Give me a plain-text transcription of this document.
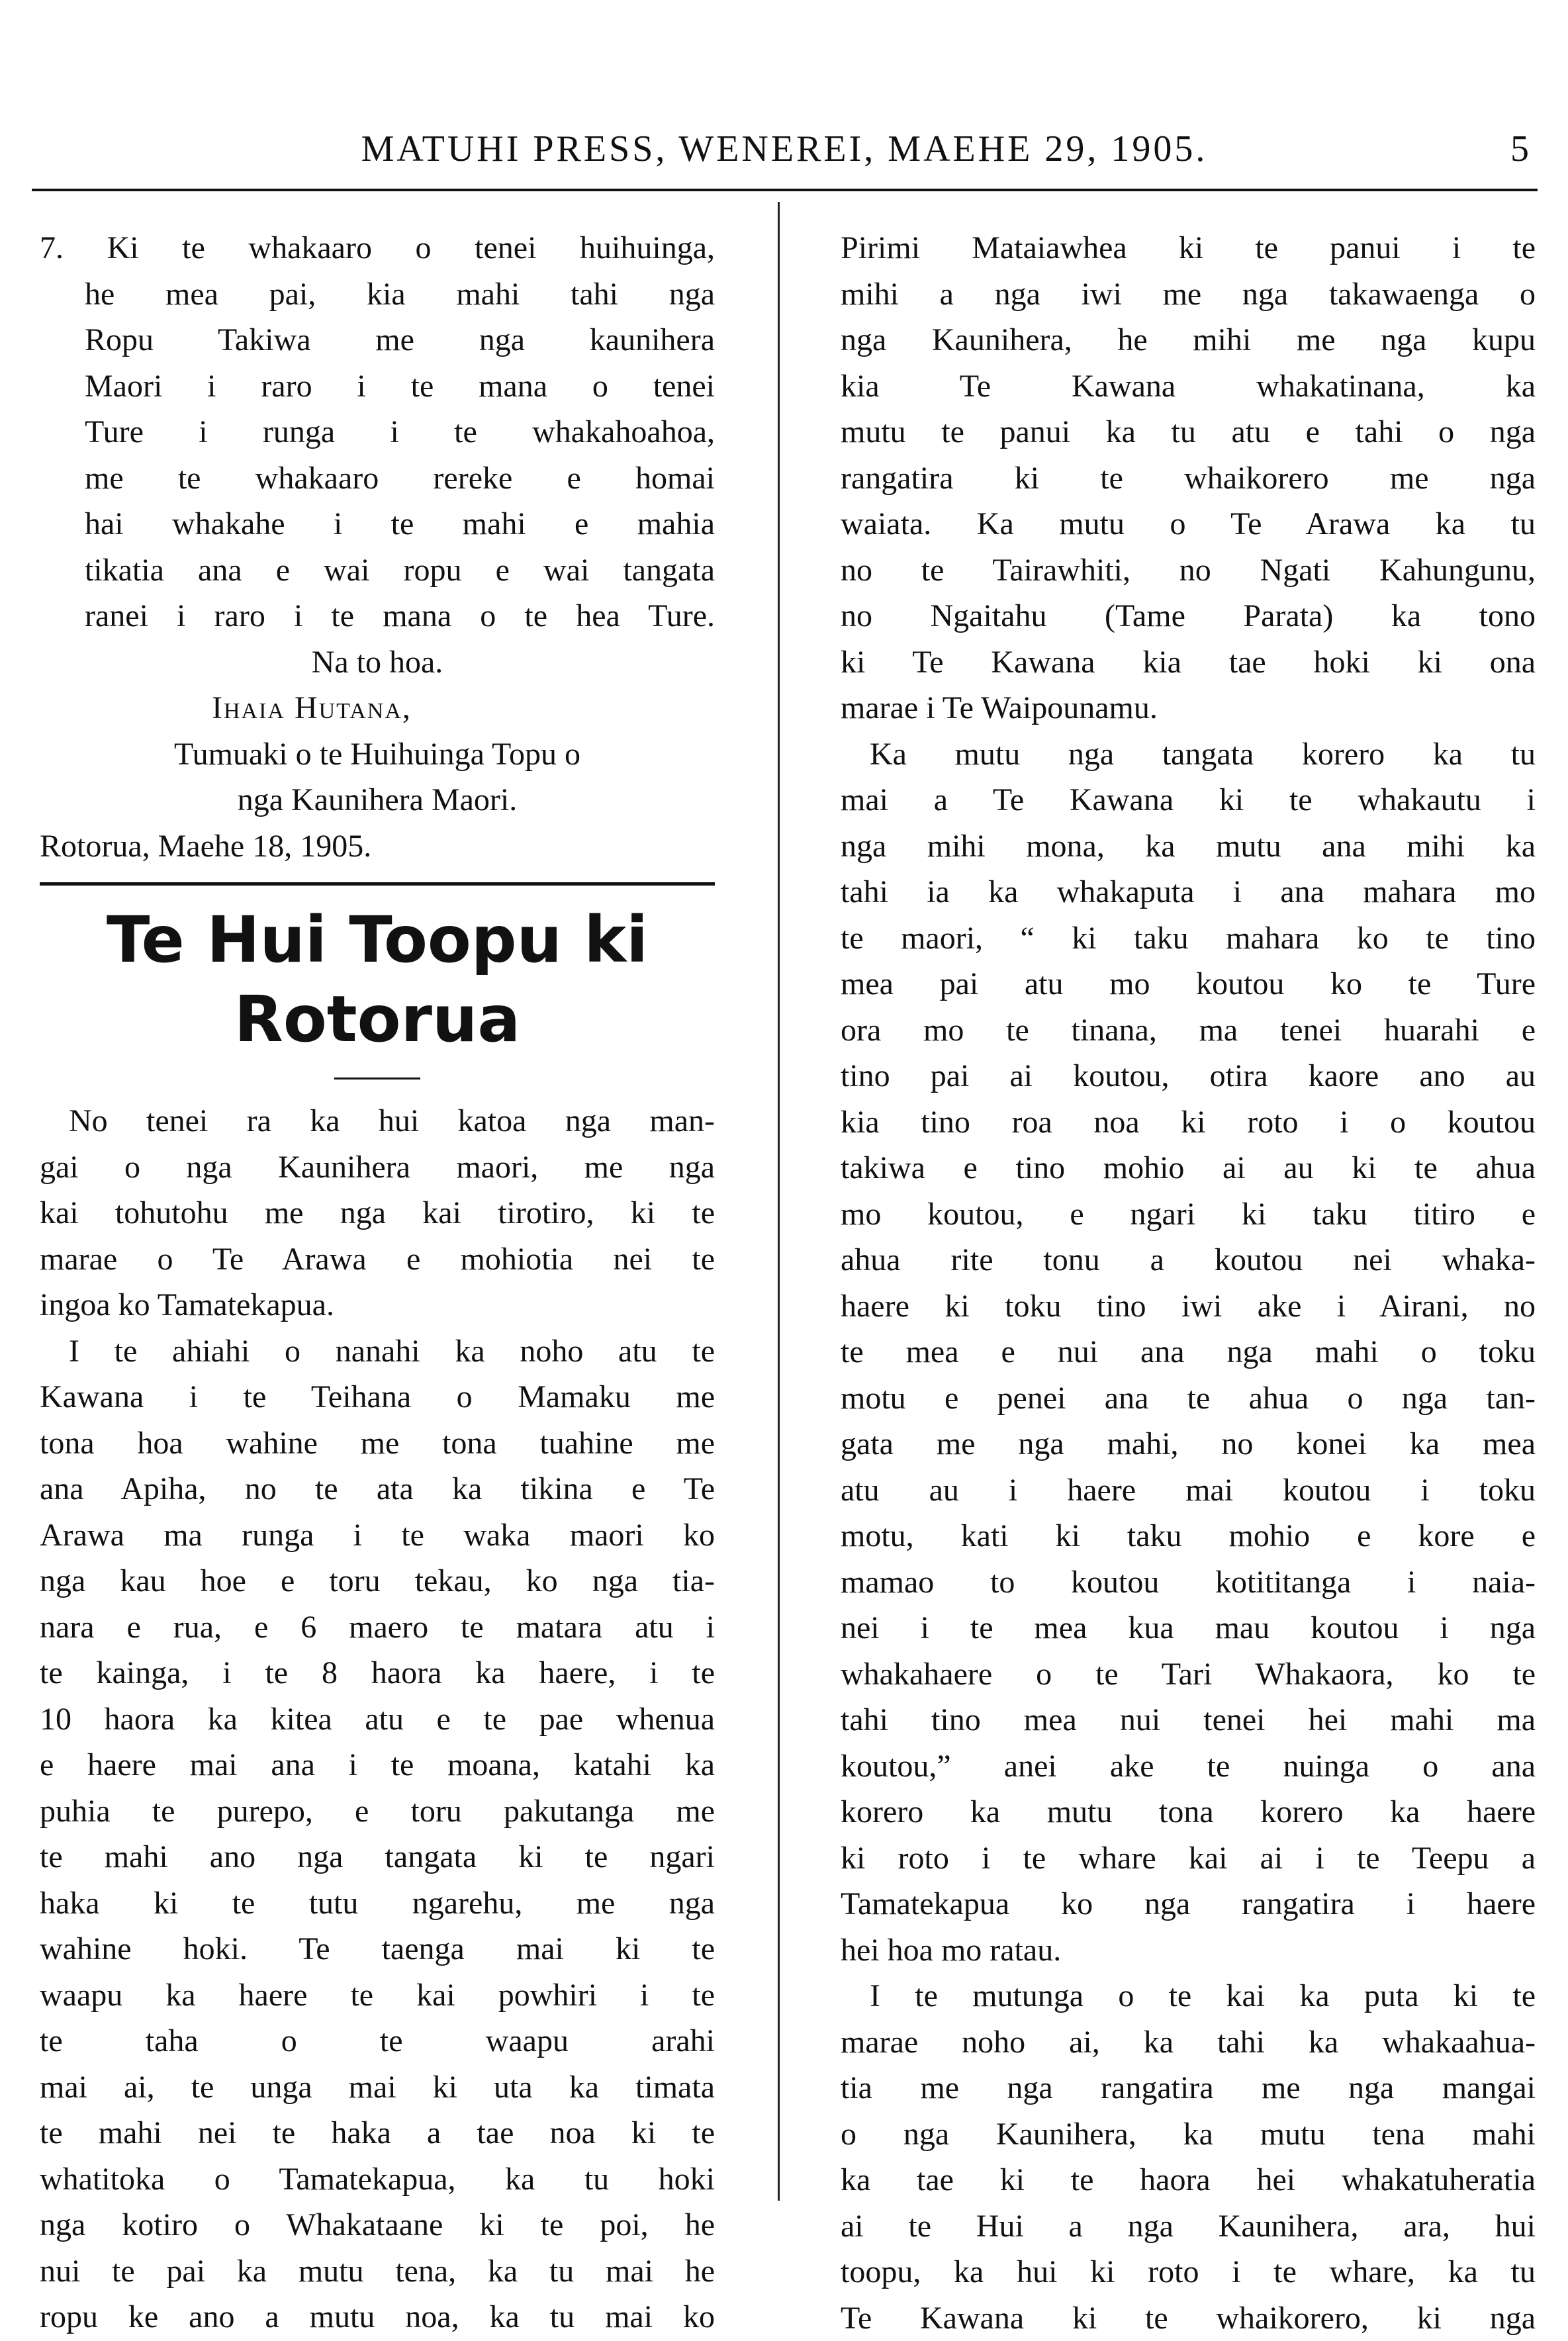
MATUHI PRESS, WENEREI, MAEHE 29, 1905.	5

7. Ki te whakaaro o tenei huihuinga,

he mea pai, kia mahi tahi nga

Ropu Takiwa me nga kaunihera

Maori i raro i te mana o tenei

Ture i runga i te whakahoahoa,

me te whakaaro rereke e homai

hai whakahe i te mahi e mahia

tikatia ana e wai ropu e wai tangata

ranei i raro i te mana o te hea Ture.

Na to hoa.

Ihaia Hutana,

Tumuaki o te Huihuinga Topu o

nga Kaunihera Maori.

Rotorua, Maehe 18, 1905.

Te Hui Toopu ki
Rotorua

No tenei ra ka hui katoa nga man-

gai o nga Kaunihera maori, me nga

kai tohutohu me nga kai tirotiro, ki te

marae o Te Arawa e mohiotia nei te

ingoa ko Tamatekapua.

I te ahiahi o nanahi ka noho atu te

Kawana i te Teihana o Mamaku me

tona hoa wahine me tona tuahine me

ana Apiha, no te ata ka tikina e Te

Arawa ma runga i te waka maori ko

nga kau hoe e toru tekau, ko nga tia-

nara e rua, e 6 maero te matara atu i

te kainga, i te 8 haora ka haere, i te

10 haora ka kitea atu e te pae whenua

e haere mai ana i te moana, katahi ka

puhia te purepo, e toru pakutanga me

te mahi ano nga tangata ki te ngari

haka ki te tutu ngarehu, me nga

wahine hoki. Te taenga mai ki te

waapu ka haere te kai powhiri i te

te taha o te waapu arahi

mai ai, te unga mai ki uta ka timata

te mahi nei te haka a tae noa ki te

whatitoka o Tamatekapua, ka tu hoki

nga kotiro o Whakataane ki te poi, he

nui te pai ka mutu tena, ka tu mai he

ropu ke ano a mutu noa, ka tu mai ko

Pirimi Mataiawhea ki te panui i te

mihi a nga iwi me nga takawaenga o

nga Kaunihera, he mihi me nga kupu

kia Te Kawana whakatinana, ka

mutu te panui ka tu atu e tahi o nga

rangatira ki te whaikorero me nga

waiata. Ka mutu o Te Arawa ka tu

no te Tairawhiti, no Ngati Kahungunu,

no Ngaitahu (Tame Parata) ka tono

ki Te Kawana kia tae hoki ki ona

marae i Te Waipounamu.

Ka mutu nga tangata korero ka tu

mai a Te Kawana ki te whakautu i

nga mihi mona, ka mutu ana mihi ka

tahi ia ka whakaputa i ana mahara mo

te maori, “ ki taku mahara ko te tino

mea pai atu mo koutou ko te Ture

ora mo te tinana, ma tenei huarahi e

tino pai ai koutou, otira kaore ano au

kia tino roa noa ki roto i o koutou

takiwa e tino mohio ai au ki te ahua

mo koutou, e ngari ki taku titiro e

ahua rite tonu a koutou nei whaka-

haere ki toku tino iwi ake i Airani, no

te mea e nui ana nga mahi o toku

motu e penei ana te ahua o nga tan-

gata me nga mahi, no konei ka mea

atu au i haere mai koutou i toku

motu, kati ki taku mohio e kore e

mamao to koutou kotititanga i naia-

nei i te mea kua mau koutou i nga

whakahaere o te Tari Whakaora, ko te

tahi tino mea nui tenei hei mahi ma

koutou,” anei ake te nuinga o ana

korero ka mutu tona korero ka haere

ki roto i te whare kai ai i te Teepu a

Tamatekapua ko nga rangatira i haere

hei hoa mo ratau.

I te mutunga o te kai ka puta ki te

marae noho ai, ka tahi ka whakaahua-

tia me nga rangatira me nga mangai

o nga Kaunihera, ka mutu tena mahi

ka tae ki te haora hei whakatuheratia

ai te Hui a nga Kaunihera, ara, hui

toopu, ka hui ki roto i te whare, ka tu

Te Kawana ki te whaikorero, ki nga
